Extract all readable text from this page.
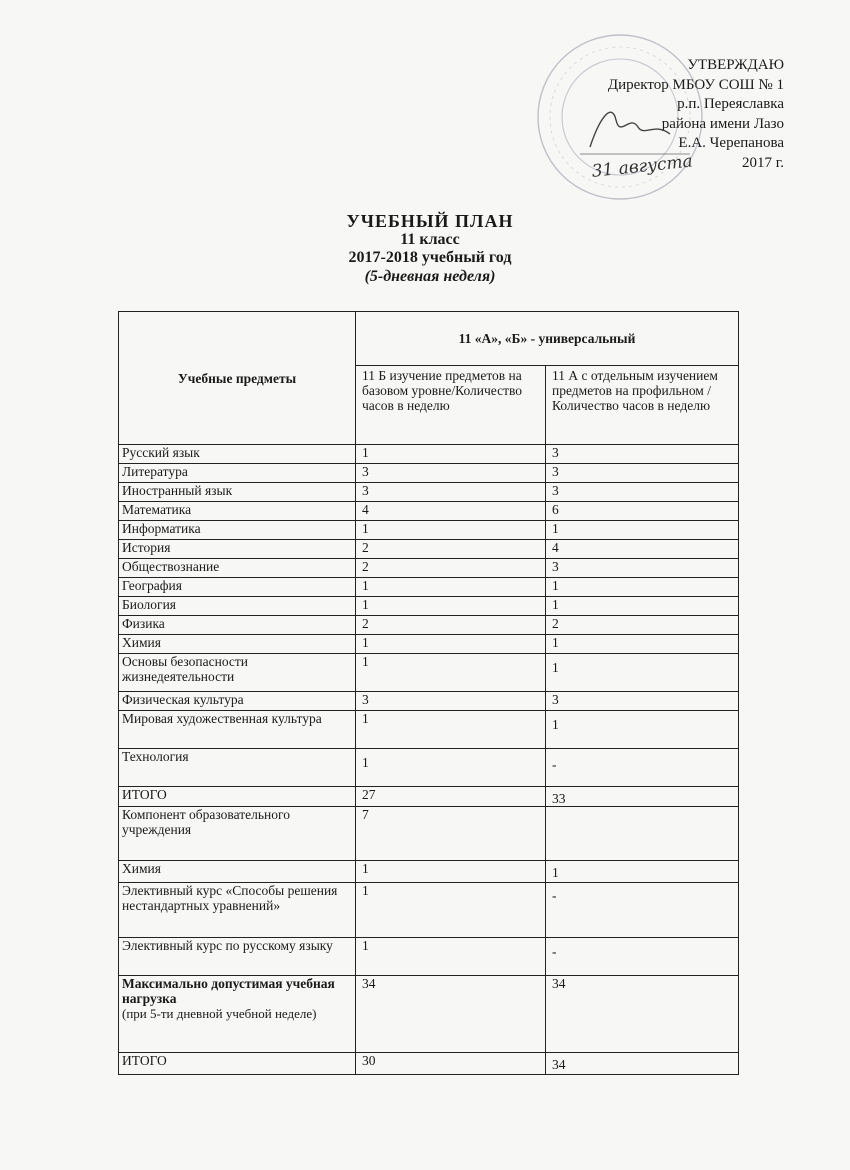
УТВЕРЖДАЮ
Директор МБОУ СОШ № 1
р.п. Переяславка
района имени Лазо
Е.А. Черепанова
2017 г.
31 августа
УЧЕБНЫЙ ПЛАН
11 класс
2017-2018 учебный год
(5-дневная неделя)
Учебные предметы	11 «А», «Б» - универсальный	
	11 Б изучение предметов на базовом уровне/Количество часов в неделю	11 А с отдельным изучением предметов на профильном /Количество часов в неделю
Русский язык	1	3
Литература	3	3
Иностранный язык	3	3
Математика	4	6
Информатика	1	1
История	2	4
Обществознание	2	3
География	1	1
Биология	1	1
Физика	2	2
Химия	1	1
Основы безопасности жизнедеятельности	1	1
Физическая культура	3	3
Мировая художественная культура	1	1
Технология	1	-
ИТОГО	27	33
Компонент образовательного учреждения	7	
Химия	1	1
Элективный курс «Способы решения нестандартных уравнений»	1	-
Элективный курс по русскому языку	1	-

Максимально допустимая учебная нагрузка
(при 5-ти дневной учебной неделе)	34	34
ИТОГО	30	34
